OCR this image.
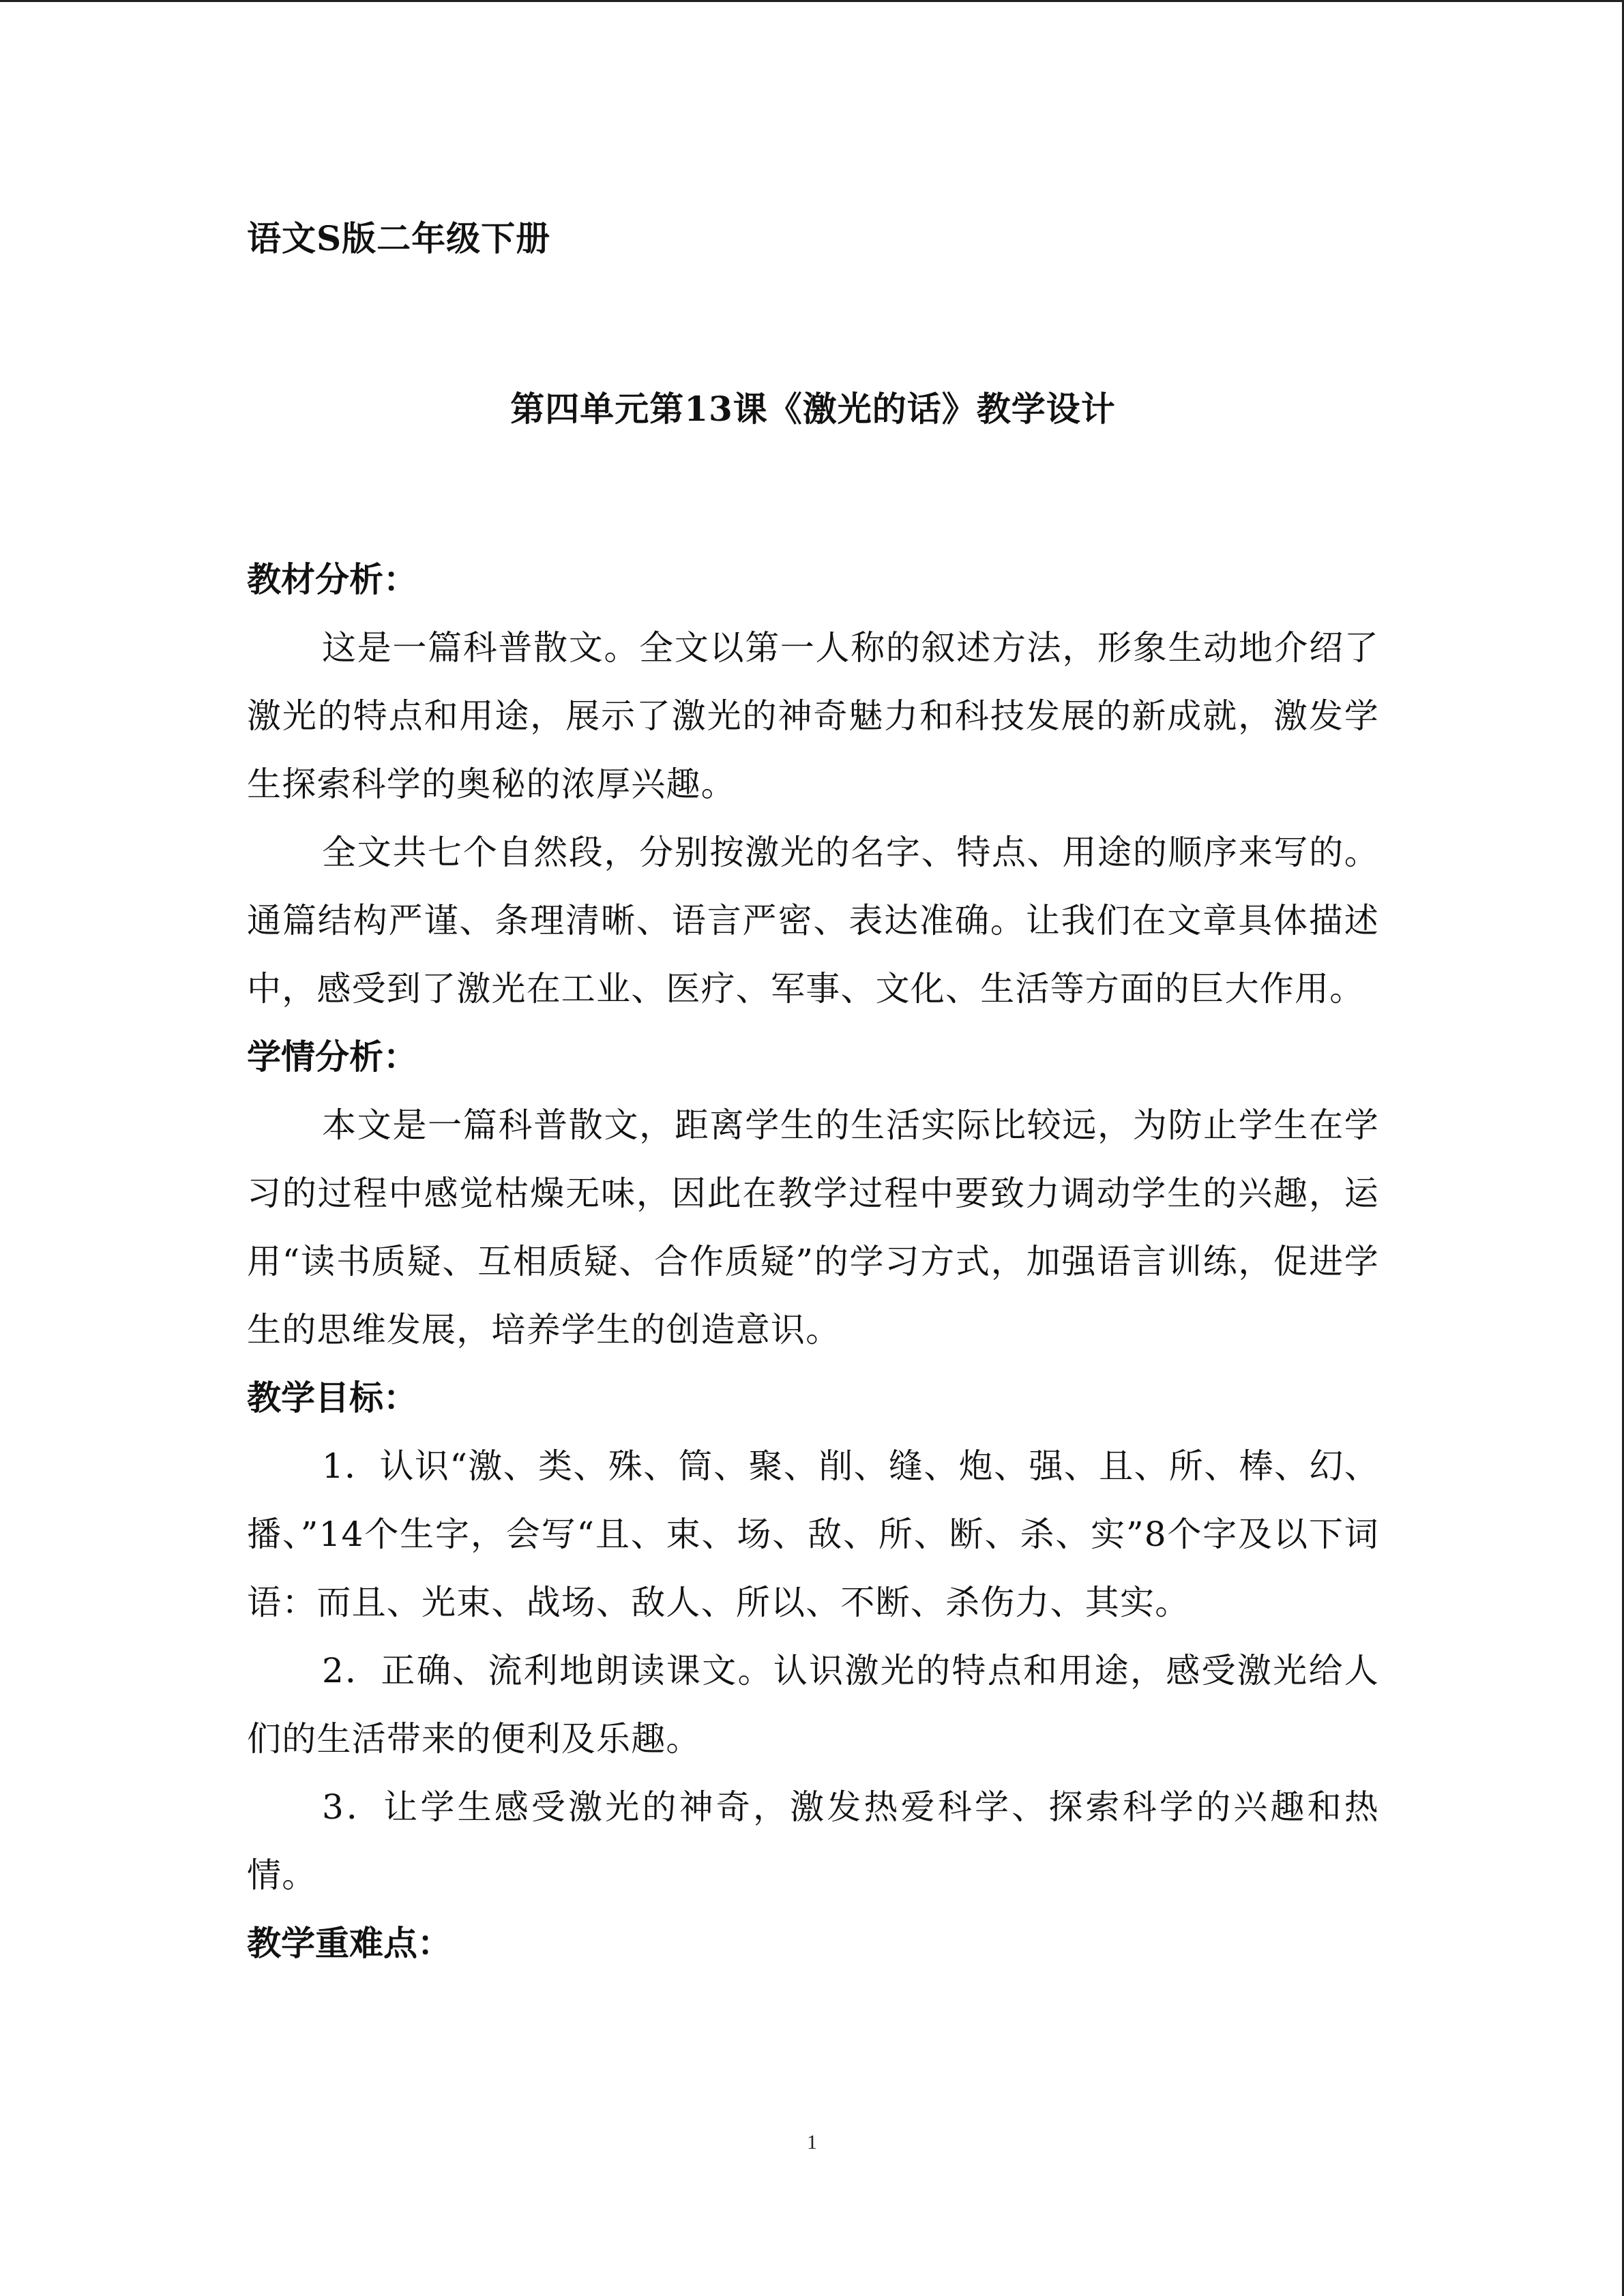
语文S版二年级下册

第四单元第13课《激光的话》教学设计

教材分析：

这是一篇科普散文。全文以第一人称的叙述方法，形象生动地介绍了激光的特点和用途，展示了激光的神奇魅力和科技发展的新成就，激发学生探索科学的奥秘的浓厚兴趣。

全文共七个自然段，分别按激光的名字、特点、用途的顺序来写的。通篇结构严谨、条理清晰、语言严密、表达准确。让我们在文章具体描述中，感受到了激光在工业、医疗、军事、文化、生活等方面的巨大作用。

学情分析：

本文是一篇科普散文，距离学生的生活实际比较远，为防止学生在学习的过程中感觉枯燥无味，因此在教学过程中要致力调动学生的兴趣，运用“读书质疑、互相质疑、合作质疑”的学习方式，加强语言训练，促进学生的思维发展，培养学生的创造意识。

教学目标：

1．认识“激、类、殊、筒、聚、削、缝、炮、强、且、所、棒、幻、播、”14个生字，会写“且、束、场、敌、所、断、杀、实”8个字及以下词语：而且、光束、战场、敌人、所以、不断、杀伤力、其实。

2．正确、流利地朗读课文。认识激光的特点和用途，感受激光给人们的生活带来的便利及乐趣。

3．让学生感受激光的神奇，激发热爱科学、探索科学的兴趣和热情。

教学重难点：

1
